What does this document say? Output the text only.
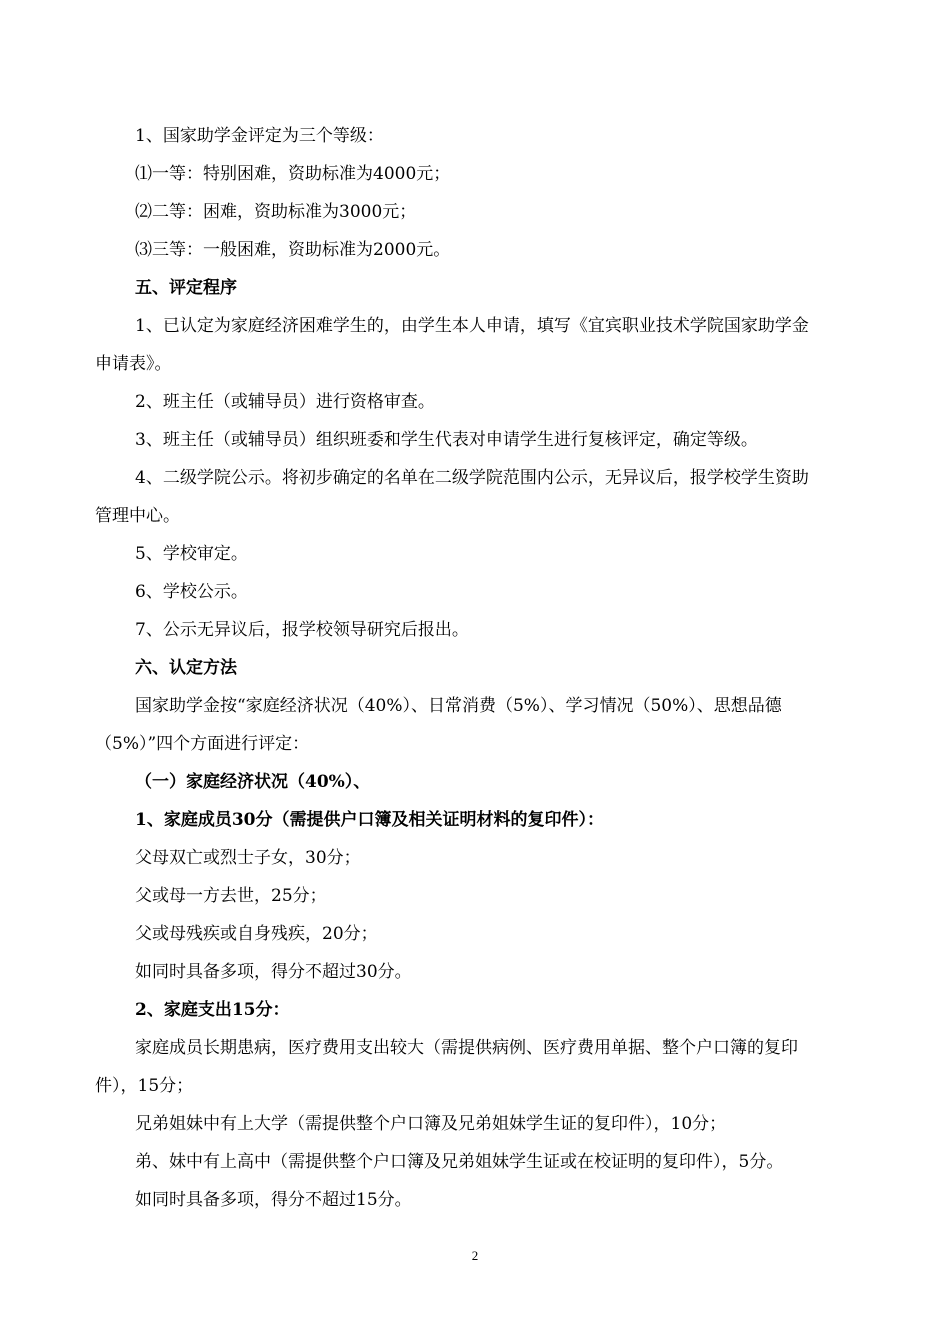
1、国家助学金评定为三个等级：
⑴一等：特别困难，资助标准为4000元；
⑵二等：困难，资助标准为3000元；
⑶三等：一般困难，资助标准为2000元。
五、评定程序
1、已认定为家庭经济困难学生的，由学生本人申请，填写《宜宾职业技术学院国家助学金
申请表》。
2、班主任（或辅导员）进行资格审查。
3、班主任（或辅导员）组织班委和学生代表对申请学生进行复核评定，确定等级。
4、二级学院公示。将初步确定的名单在二级学院范围内公示，无异议后，报学校学生资助
管理中心。
5、学校审定。
6、学校公示。
7、公示无异议后，报学校领导研究后报出。
六、认定方法
国家助学金按“家庭经济状况（40%）、日常消费（5%）、学习情况（50%）、思想品德
（5%）”四个方面进行评定：
（一）家庭经济状况（40%）、
1、家庭成员30分（需提供户口簿及相关证明材料的复印件）：
父母双亡或烈士子女，30分；
父或母一方去世，25分；
父或母残疾或自身残疾，20分；
如同时具备多项，得分不超过30分。
2、家庭支出15分：
家庭成员长期患病，医疗费用支出较大（需提供病例、医疗费用单据、整个户口簿的复印
件），15分；
兄弟姐妹中有上大学（需提供整个户口簿及兄弟姐妹学生证的复印件），10分；
弟、妹中有上高中（需提供整个户口簿及兄弟姐妹学生证或在校证明的复印件），5分。
如同时具备多项，得分不超过15分。
2
